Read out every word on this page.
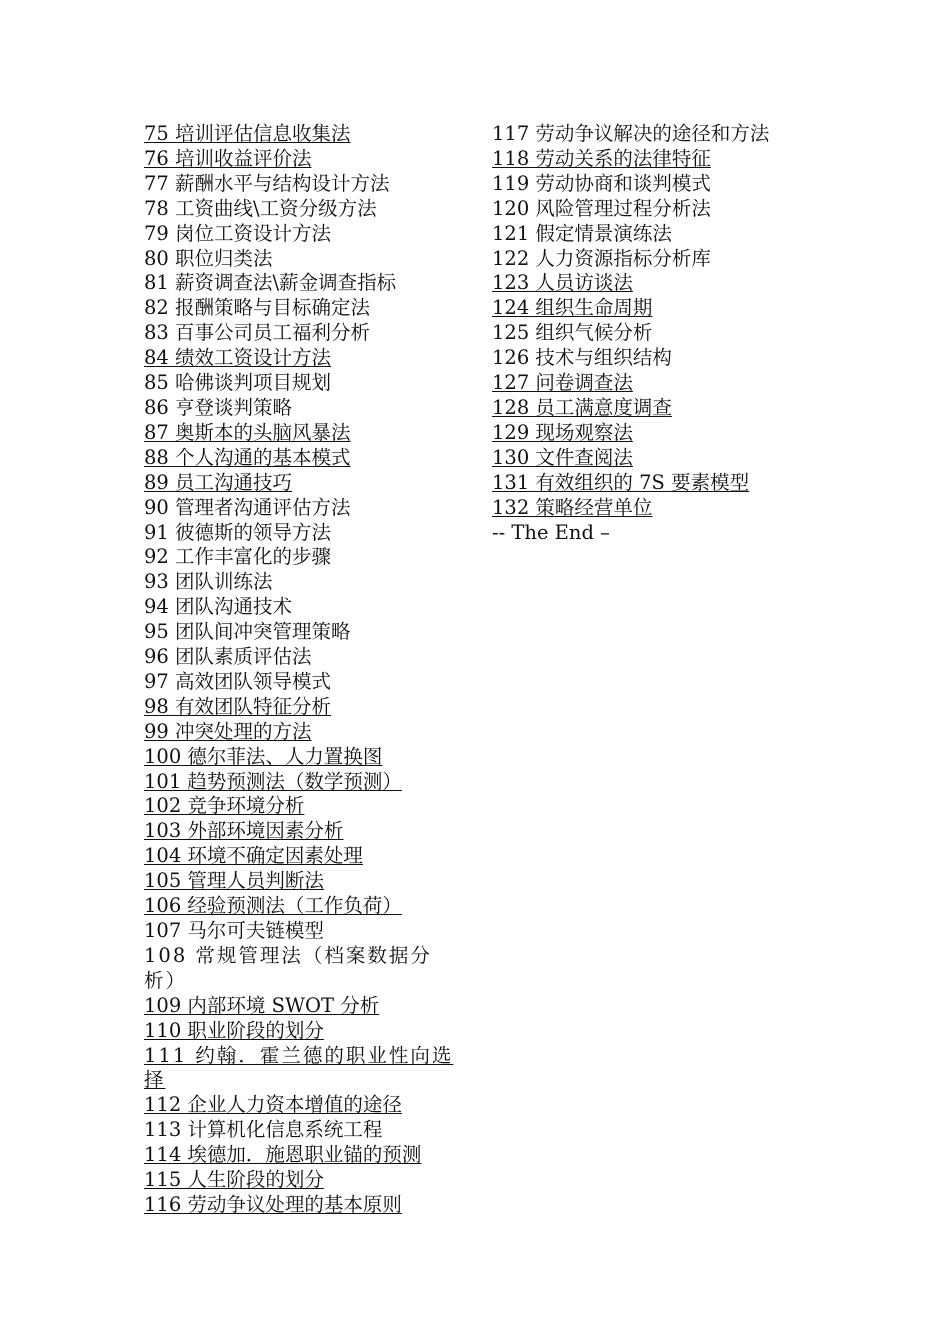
75 培训评估信息收集法
76 培训收益评价法
77 薪酬水平与结构设计方法
78 工资曲线\工资分级方法
79 岗位工资设计方法
80 职位归类法
81 薪资调查法\薪金调查指标
82 报酬策略与目标确定法
83 百事公司员工福利分析
84 绩效工资设计方法
85 哈佛谈判项目规划
86 亨登谈判策略
87 奥斯本的头脑风暴法
88 个人沟通的基本模式
89 员工沟通技巧
90 管理者沟通评估方法
91 彼德斯的领导方法
92 工作丰富化的步骤
93 团队训练法
94 团队沟通技术
95 团队间冲突管理策略
96 团队素质评估法
97 高效团队领导模式
98 有效团队特征分析
99 冲突处理的方法
100 德尔菲法、人力置换图
101 趋势预测法（数学预测）
102 竞争环境分析
103 外部环境因素分析
104 环境不确定因素处理
105 管理人员判断法
106 经验预测法（工作负荷）
107 马尔可夫链模型
108 常规管理法（档案数据分析）
109 内部环境 SWOT 分析
110 职业阶段的划分
111 约翰．霍兰德的职业性向选择
112 企业人力资本增值的途径
113 计算机化信息系统工程
114 埃德加．施恩职业锚的预测
115 人生阶段的划分
116 劳动争议处理的基本原则
117 劳动争议解决的途径和方法
118 劳动关系的法律特征
119 劳动协商和谈判模式
120 风险管理过程分析法
121 假定情景演练法
122 人力资源指标分析库
123 人员访谈法
124 组织生命周期
125 组织气候分析
126 技术与组织结构
127 问卷调查法
128 员工满意度调查
129 现场观察法
130 文件查阅法
131 有效组织的 7S 要素模型
132 策略经营单位
-- The End –
